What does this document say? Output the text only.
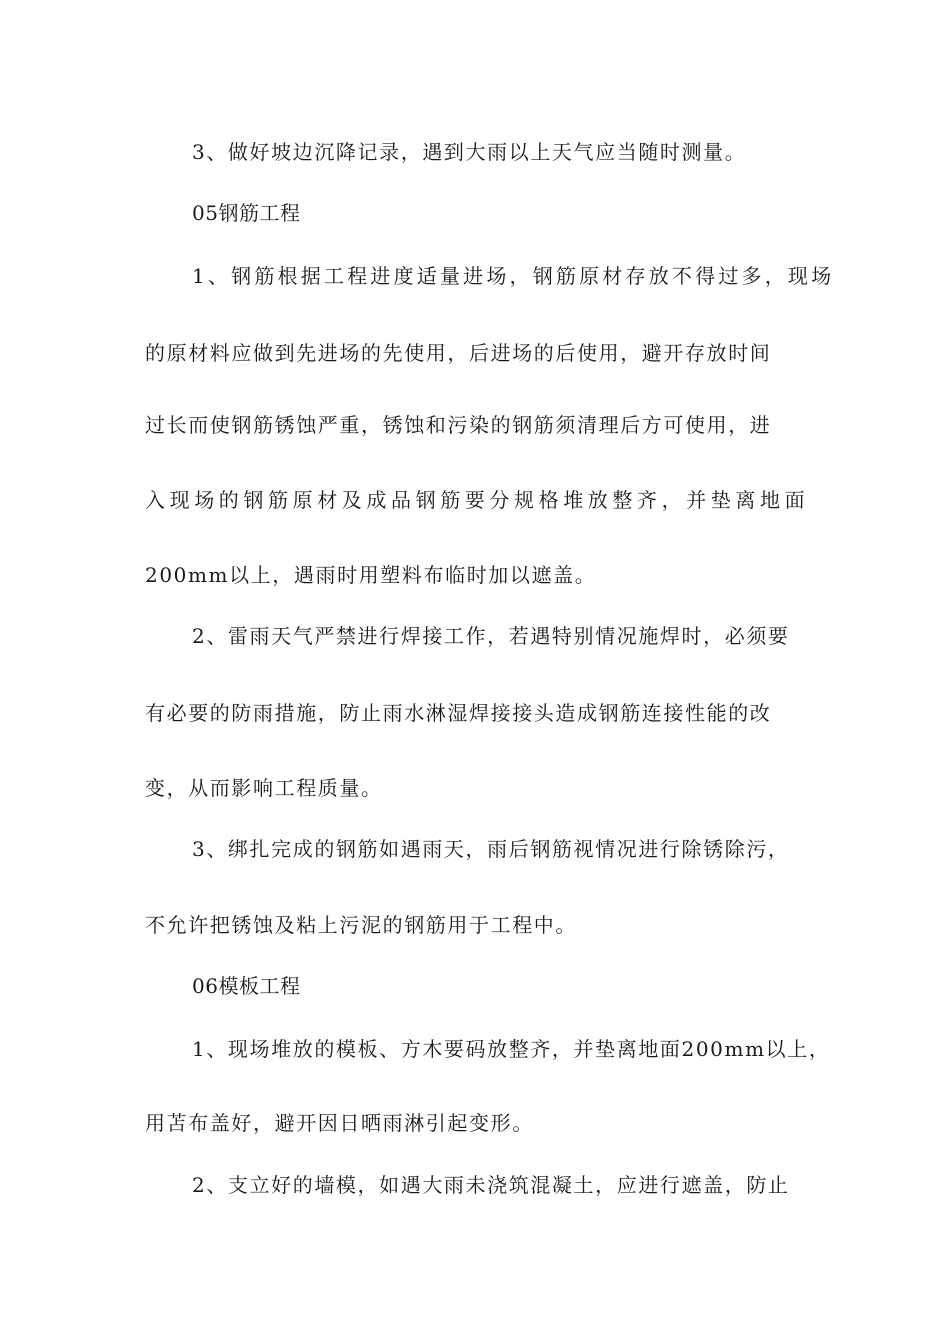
3、做好坡边沉降记录，遇到大雨以上天气应当随时测量。
05钢筋工程
1、钢筋根据工程进度适量进场，钢筋原材存放不得过多，现场
的原材料应做到先进场的先使用，后进场的后使用，避开存放时间
过长而使钢筋锈蚀严重，锈蚀和污染的钢筋须清理后方可使用，进
入现场的钢筋原材及成品钢筋要分规格堆放整齐，并垫离地面
200mm以上，遇雨时用塑料布临时加以遮盖。
2、雷雨天气严禁进行焊接工作，若遇特别情况施焊时，必须要
有必要的防雨措施，防止雨水淋湿焊接接头造成钢筋连接性能的改
变，从而影响工程质量。
3、绑扎完成的钢筋如遇雨天，雨后钢筋视情况进行除锈除污，
不允许把锈蚀及粘上污泥的钢筋用于工程中。
06模板工程
1、现场堆放的模板、方木要码放整齐，并垫离地面200mm以上，
用苫布盖好，避开因日晒雨淋引起变形。
2、支立好的墙模，如遇大雨未浇筑混凝土，应进行遮盖，防止
